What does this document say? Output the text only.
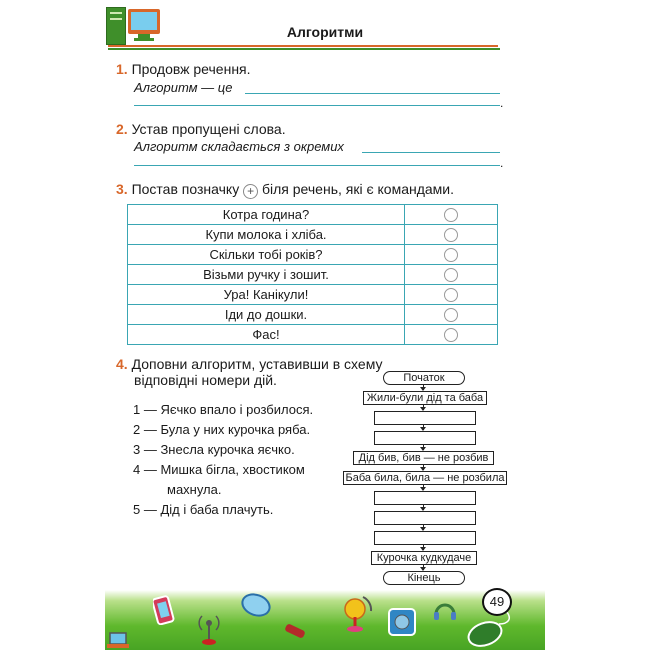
Алгоритми
1. Продовж речення.
Алгоритм — це
.
2. Устав пропущені слова.
Алгоритм складається з окремих
.
3. Постав позначку + біля речень, які є командами.
Котра година?	
Купи молока і хліба.	
Скільки тобі років?	
Візьми ручку і зошит.	
Ура! Канікули!	
Іди до дошки.	
Фас!	
4. Доповни алгоритм, уставивши в схему
відповідні номери дій.
1 — Яєчко впало і розбилося.
2 — Була у них курочка ряба.
3 — Знесла курочка яєчко.
4 — Мишка бігла, хвостиком
махнула.
5 — Дід і баба плачуть.
Початок
Жили-були дід та баба
Дід бив, бив — не розбив
Баба била, била — не розбила
Курочка кудкудаче
Кінець
49
